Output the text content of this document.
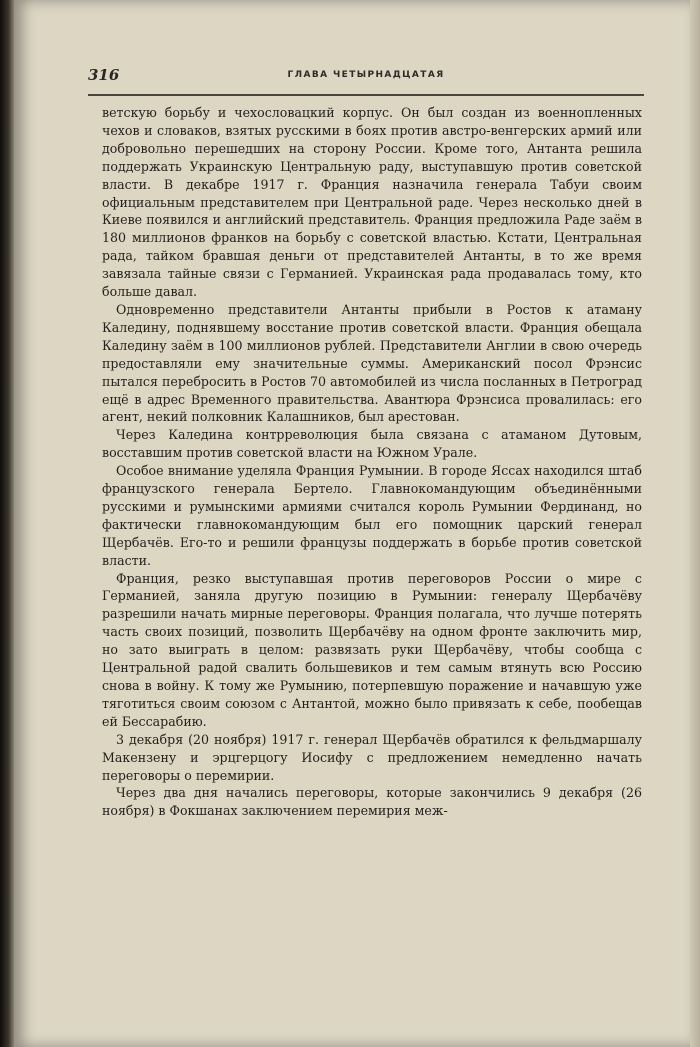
316	ГЛАВА ЧЕТЫРНАДЦАТАЯ

ветскую борьбу и чехословацкий корпус. Он был создан из военнопленных чехов и словаков, взятых русскими в боях против австро-венгерских армий или добровольно перешедших на сторону России. Кроме того, Антанта решила поддержать Украинскую Центральную раду, выступавшую против советской власти. В декабре 1917 г. Франция назначила генерала Табуи своим официальным представителем при Центральной раде. Через несколько дней в Киеве появился и английский представитель. Франция предложила Раде заём в 180 миллионов франков на борьбу с советской властью. Кстати, Центральная рада, тайком бравшая деньги от представителей Антанты, в то же время завязала тайные связи с Германией. Украинская рада продавалась тому, кто больше давал.

Одновременно представители Антанты прибыли в Ростов к атаману Каледину, поднявшему восстание против советской власти. Франция обещала Каледину заём в 100 миллионов рублей. Представители Англии в свою очередь предоставляли ему значительные суммы. Американский посол Фрэнсис пытался перебросить в Ростов 70 автомобилей из числа посланных в Петроград ещё в адрес Временного правительства. Авантюра Фрэнсиса провалилась: его агент, некий полковник Калашников, был арестован.

Через Каледина контрреволюция была связана с атаманом Дутовым, восставшим против советской власти на Южном Урале.

Особое внимание уделяла Франция Румынии. В городе Яссах находился штаб французского генерала Бертело. Главнокомандующим объединёнными русскими и румынскими армиями считался король Румынии Фердинанд, но фактически главнокомандующим был его помощник царский генерал Щербачёв. Его-то и решили французы поддержать в борьбе против советской власти.

Франция, резко выступавшая против переговоров России о мире с Германией, заняла другую позицию в Румынии: генералу Щербачёву разрешили начать мирные переговоры. Франция полагала, что лучше потерять часть своих позиций, позволить Щербачёву на одном фронте заключить мир, но зато выиграть в целом: развязать руки Щербачёву, чтобы сообща с Центральной радой свалить большевиков и тем самым втянуть всю Россию снова в войну. К тому же Румынию, потерпевшую поражение и начавшую уже тяготиться своим союзом с Антантой, можно было привязать к себе, пообещав ей Бессарабию.

3 декабря (20 ноября) 1917 г. генерал Щербачёв обратился к фельдмаршалу Макензену и эрцгерцогу Иосифу с предложением немедленно начать переговоры о перемирии.

Через два дня начались переговоры, которые закончились 9 декабря (26 ноября) в Фокшанах заключением перемирия меж-
